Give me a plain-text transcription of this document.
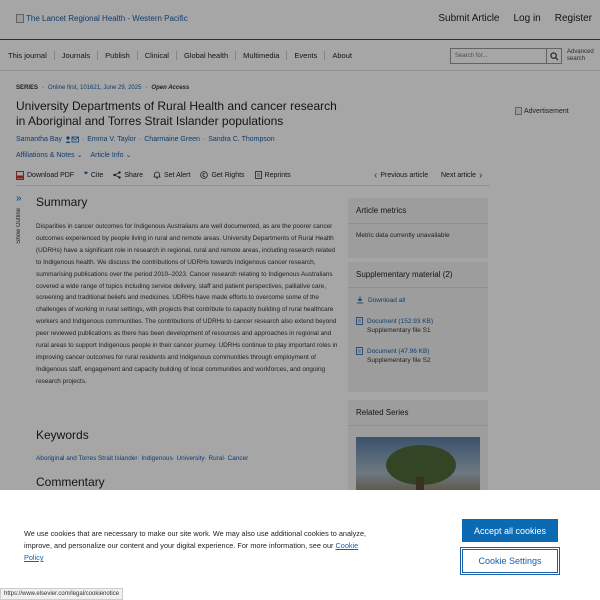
The Lancet Regional Health - Western Pacific	Submit Article Log in Register
This journal	Journals	Publish	Clinical	Global health	Multimedia	Events	About	Search for...
Advanced search
SERIES · Online first, 101621, June 29, 2025 · Open Access
University Departments of Rural Health and cancer research in Aboriginal and Torres Strait Islander populations
Samantha Bay	· Emma V. Taylor · Charmaine Green · Sandra C. Thompson
Affiliations & Notes ⌄ Article Info ⌄
Download PDF ❞ Cite	Share	Set Alert	Get Rights	Reprints	‹ Previous article Next article ›
Advertisement
»
Show Outline
Summary
Disparities in cancer outcomes for Indigenous Australians are well documented, as are the poorer cancer outcomes experienced by people living in rural and remote areas. University Departments of Rural Health (UDRHs) have a significant role in research in regional, rural and remote areas, including research related to Indigenous health. We discuss the contributions of UDRHs towards Indigenous cancer research, summarising publications over the period 2010–2023. Cancer research relating to Indigenous Australians covered a wide range of topics including service delivery, staff and patient perspectives, palliative care, screening and traditional beliefs and medicines. UDRHs have made efforts to overcome some of the challenges of working in rural settings, with projects that contribute to capacity building of rural healthcare workers and Indigenous communities. The contributions of UDRHs to cancer research also extend beyond peer reviewed publications as there has been development of resources and approaches in regional and rural areas to support Indigenous people in their cancer journey. UDRHs continue to play important roles in improving cancer outcomes for rural residents and Indigenous communities through employment of Indigenous staff, engagement and capacity building of local communities and workforces, and ongoing research projects.
Keywords
Aboriginal and Torres Strait Islander· Indigenous· University· Rural· Cancer
Commentary
Article metrics
Metric data currently unavailable
Supplementary material (2)
Download all
Document (152.93 KB)
Supplementary file S1
Document (47.96 KB)
Supplementary file S2
Related Series
We use cookies that are necessary to make our site work. We may also use additional cookies to analyze, improve, and personalize our content and your digital experience. For more information, see our Cookie Policy
Accept all cookies
Cookie Settings
https://www.elsevier.com/legal/cookienotice
